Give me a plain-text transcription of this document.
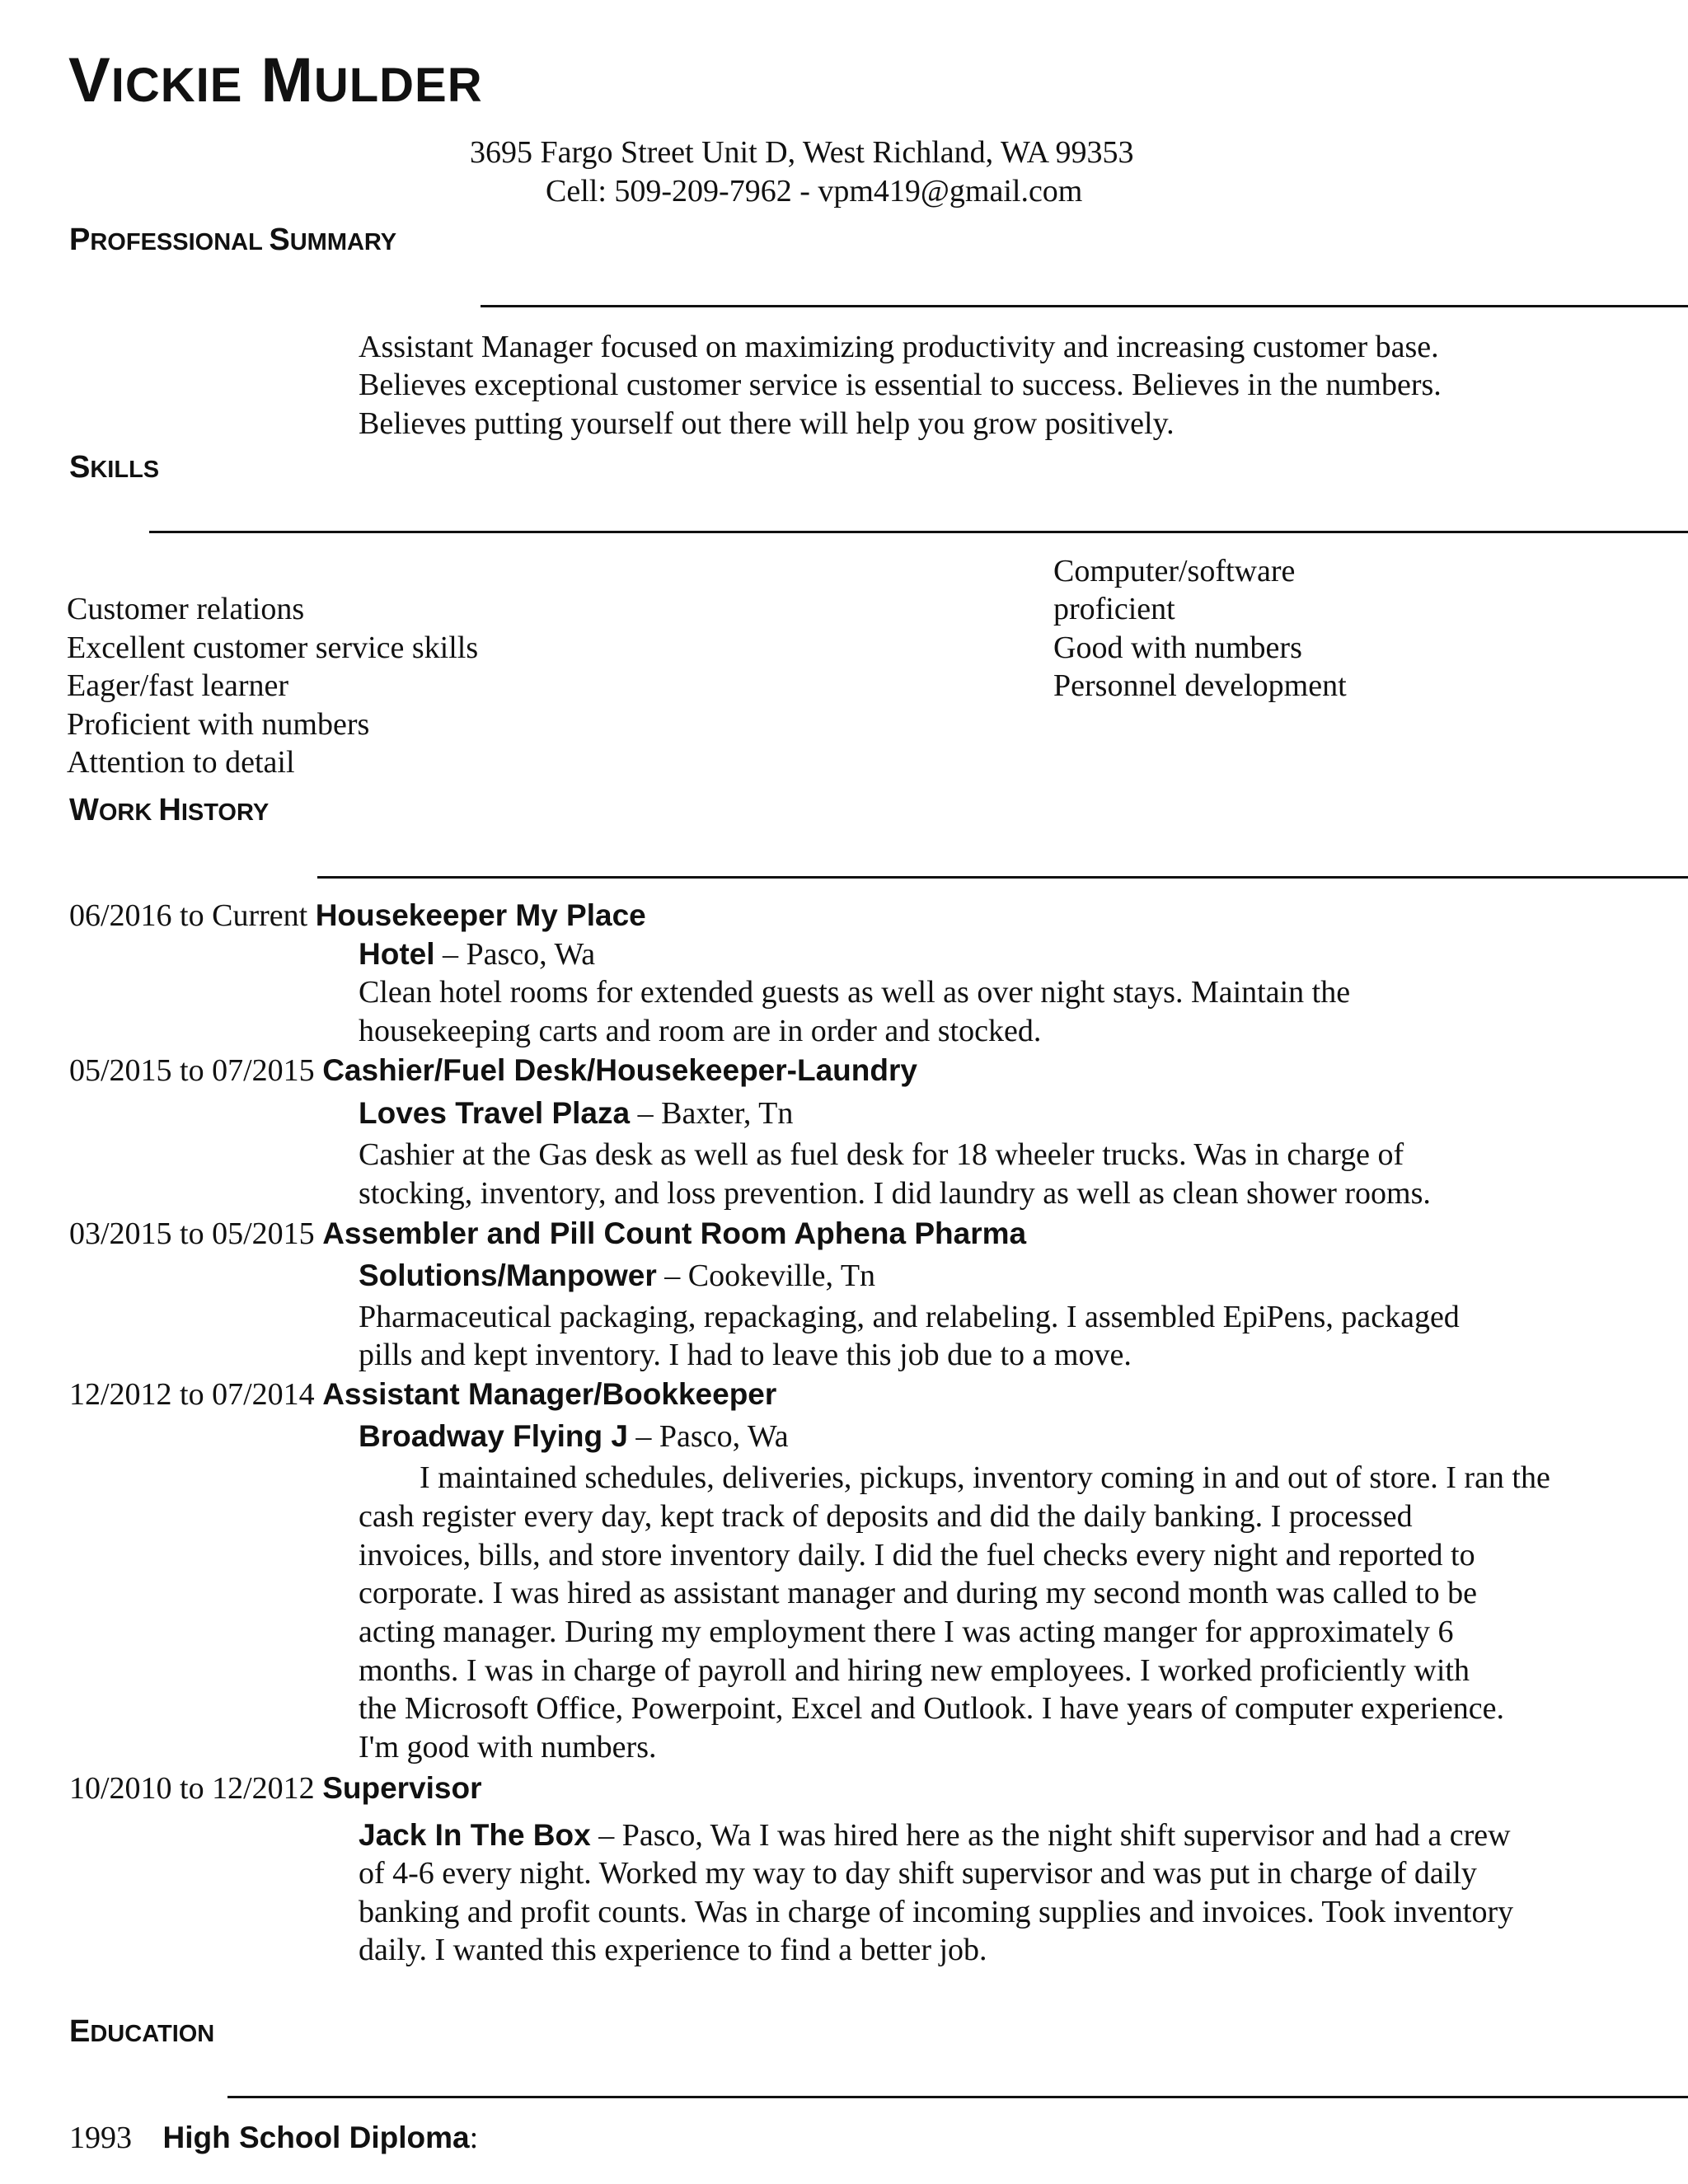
VICKIE MULDER
3695 Fargo Street Unit D, West Richland, WA 99353
Cell: 509-209-7962 - vpm419@gmail.com
PROFESSIONAL SUMMARY
Assistant Manager focused on maximizing productivity and increasing customer base.
Believes exceptional customer service is essential to success. Believes in the numbers.
Believes putting yourself out there will help you grow positively.
SKILLS
Customer relations
Excellent customer service skills
Eager/fast learner
Proficient with numbers
Attention to detail
Computer/software
proficient
Good with numbers
Personnel development
WORK HISTORY
06/2016 to Current Housekeeper My Place
Hotel – Pasco, Wa
Clean hotel rooms for extended guests as well as over night stays. Maintain the
housekeeping carts and room are in order and stocked.
05/2015 to 07/2015 Cashier/Fuel Desk/Housekeeper-Laundry
Loves Travel Plaza – Baxter, Tn
Cashier at the Gas desk as well as fuel desk for 18 wheeler trucks. Was in charge of
stocking, inventory, and loss prevention. I did laundry as well as clean shower rooms.
03/2015 to 05/2015 Assembler and Pill Count Room Aphena Pharma
Solutions/Manpower – Cookeville, Tn
Pharmaceutical packaging, repackaging, and relabeling. I assembled EpiPens, packaged
pills and kept inventory. I had to leave this job due to a move.
12/2012 to 07/2014 Assistant Manager/Bookkeeper
Broadway Flying J – Pasco, Wa
I maintained schedules, deliveries, pickups, inventory coming in and out of store. I ran the
cash register every day, kept track of deposits and did the daily banking. I processed
invoices, bills, and store inventory daily. I did the fuel checks every night and reported to
corporate. I was hired as assistant manager and during my second month was called to be
acting manager. During my employment there I was acting manger for approximately 6
months. I was in charge of payroll and hiring new employees. I worked proficiently with
the Microsoft Office, Powerpoint, Excel and Outlook. I have years of computer experience.
I'm good with numbers.
10/2010 to 12/2012 Supervisor
Jack In The Box – Pasco, Wa I was hired here as the night shift supervisor and had a crew
of 4-6 every night. Worked my way to day shift supervisor and was put in charge of daily
banking and profit counts. Was in charge of incoming supplies and invoices. Took inventory
daily. I wanted this experience to find a better job.
EDUCATION
1993 High School Diploma:
